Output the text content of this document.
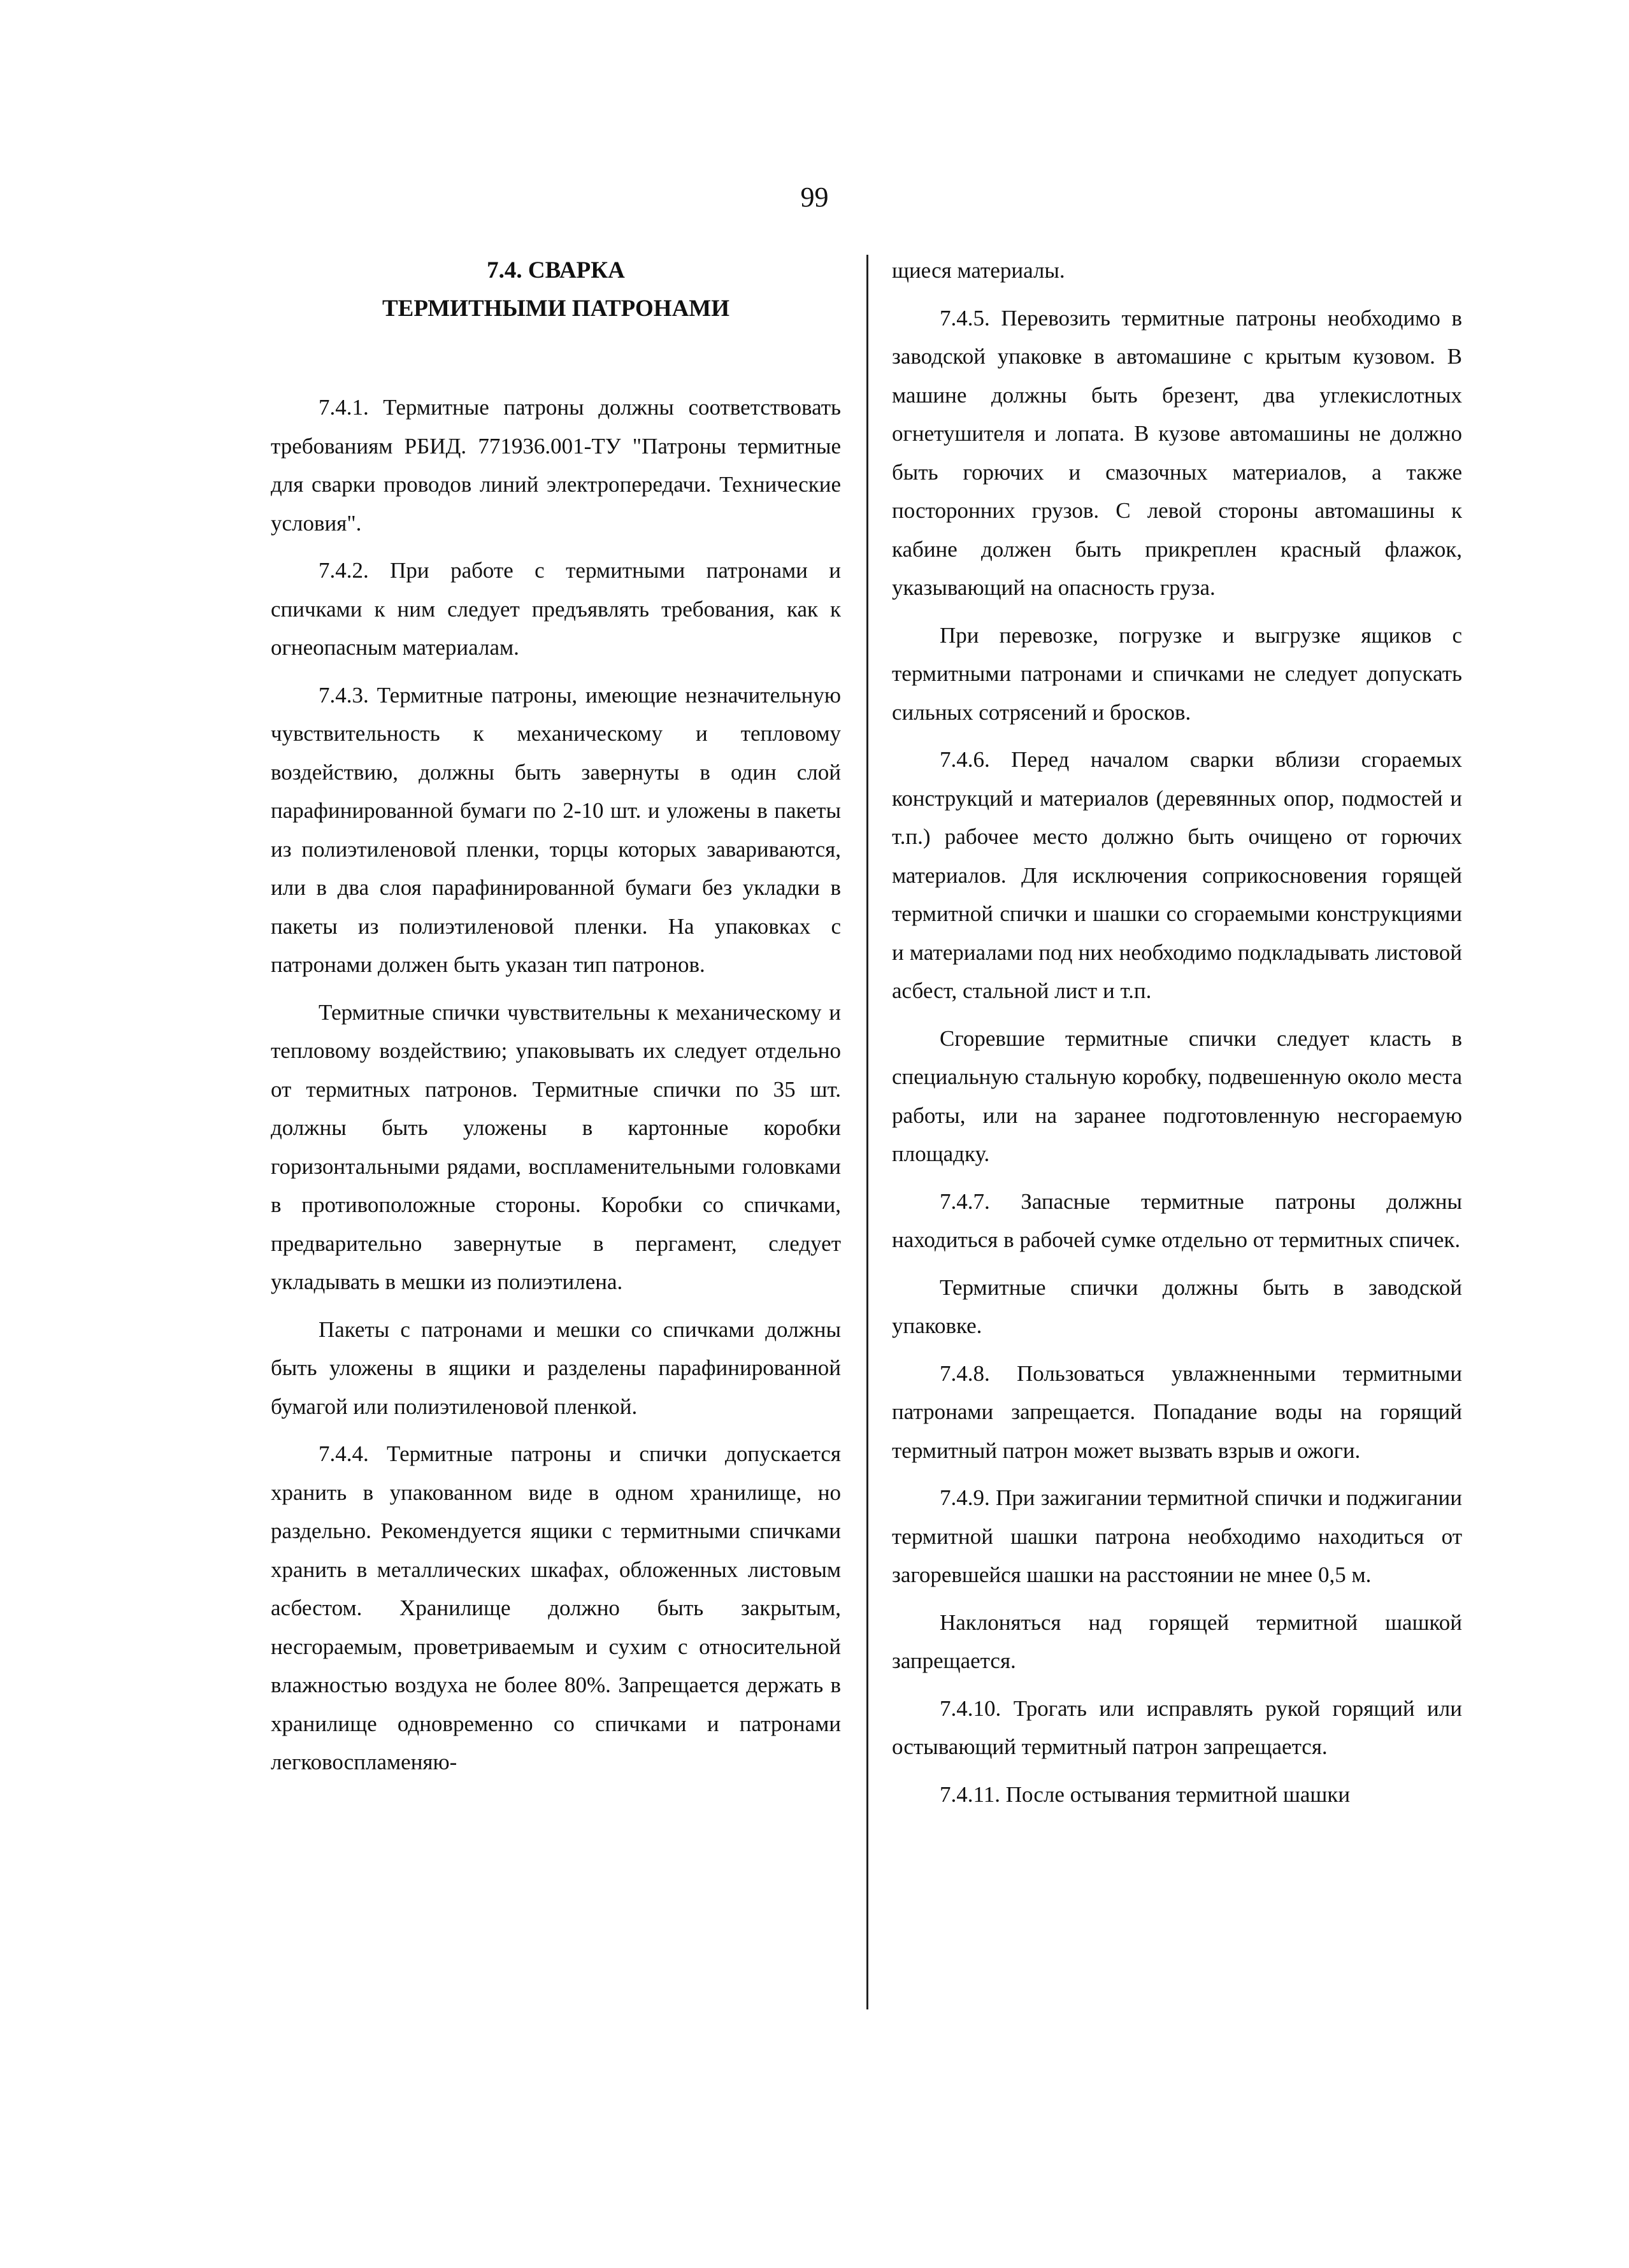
99
7.4. СВАРКА
ТЕРМИТНЫМИ ПАТРОНАМИ

7.4.1. Термитные патроны должны соответствовать требованиям РБИД. 771936.001-ТУ "Патроны термитные для сварки проводов линий электропередачи. Технические условия".

7.4.2. При работе с термитными патронами и спичками к ним следует предъявлять требования, как к огнеопасным материалам.

7.4.3. Термитные патроны, имеющие незначительную чувствительность к механическому и тепловому воздействию, должны быть завернуты в один слой парафинированной бумаги по 2-10 шт. и уложены в пакеты из полиэтиленовой пленки, торцы которых завариваются, или в два слоя парафинированной бумаги без укладки в пакеты из полиэтиленовой пленки. На упаковках с патронами должен быть указан тип патронов.

Термитные спички чувствительны к механическому и тепловому воздействию; упаковывать их следует отдельно от термитных патронов. Термитные спички по 35 шт. должны быть уложены в картонные коробки горизонтальными рядами, воспламенительными головками в противоположные стороны. Коробки со спичками, предварительно завернутые в пергамент, следует укладывать в мешки из полиэтилена.

Пакеты с патронами и мешки со спичками должны быть уложены в ящики и разделены парафинированной бумагой или полиэтиленовой пленкой.

7.4.4. Термитные патроны и спички допускается хранить в упакованном виде в одном хранилище, но раздельно. Рекомендуется ящики с термитными спичками хранить в металлических шкафах, обложенных листовым асбестом. Хранилище должно быть закрытым, несгораемым, проветриваемым и сухим с относительной влажностью воздуха не более 80%. Запрещается держать в хранилище одновременно со спичками и патронами легковоспламеняю-

щиеся материалы.

7.4.5. Перевозить термитные патроны необходимо в заводской упаковке в автомашине с крытым кузовом. В машине должны быть брезент, два углекислотных огнетушителя и лопата. В кузове автомашины не должно быть горючих и смазочных материалов, а также посторонних грузов. С левой стороны автомашины к кабине должен быть прикреплен красный флажок, указывающий на опасность груза.

При перевозке, погрузке и выгрузке ящиков с термитными патронами и спичками не следует допускать сильных сотрясений и бросков.

7.4.6. Перед началом сварки вблизи сгораемых конструкций и материалов (деревянных опор, подмостей и т.п.) рабочее место должно быть очищено от горючих материалов. Для исключения соприкосновения горящей термитной спички и шашки со сгораемыми конструкциями и материалами под них необходимо подкладывать листовой асбест, стальной лист и т.п.

Сгоревшие термитные спички следует класть в специальную стальную коробку, подвешенную около места работы, или на заранее подготовленную несгораемую площадку.

7.4.7. Запасные термитные патроны должны находиться в рабочей сумке отдельно от термитных спичек.

Термитные спички должны быть в заводской упаковке.

7.4.8. Пользоваться увлажненными термитными патронами запрещается. Попадание воды на горящий термитный патрон может вызвать взрыв и ожоги.

7.4.9. При зажигании термитной спички и поджигании термитной шашки патрона необходимо находиться от загоревшейся шашки на расстоянии не мнее 0,5 м.

Наклоняться над горящей термитной шашкой запрещается.

7.4.10. Трогать или исправлять рукой горящий или остывающий термитный патрон запрещается.

7.4.11. После остывания термитной шашки
